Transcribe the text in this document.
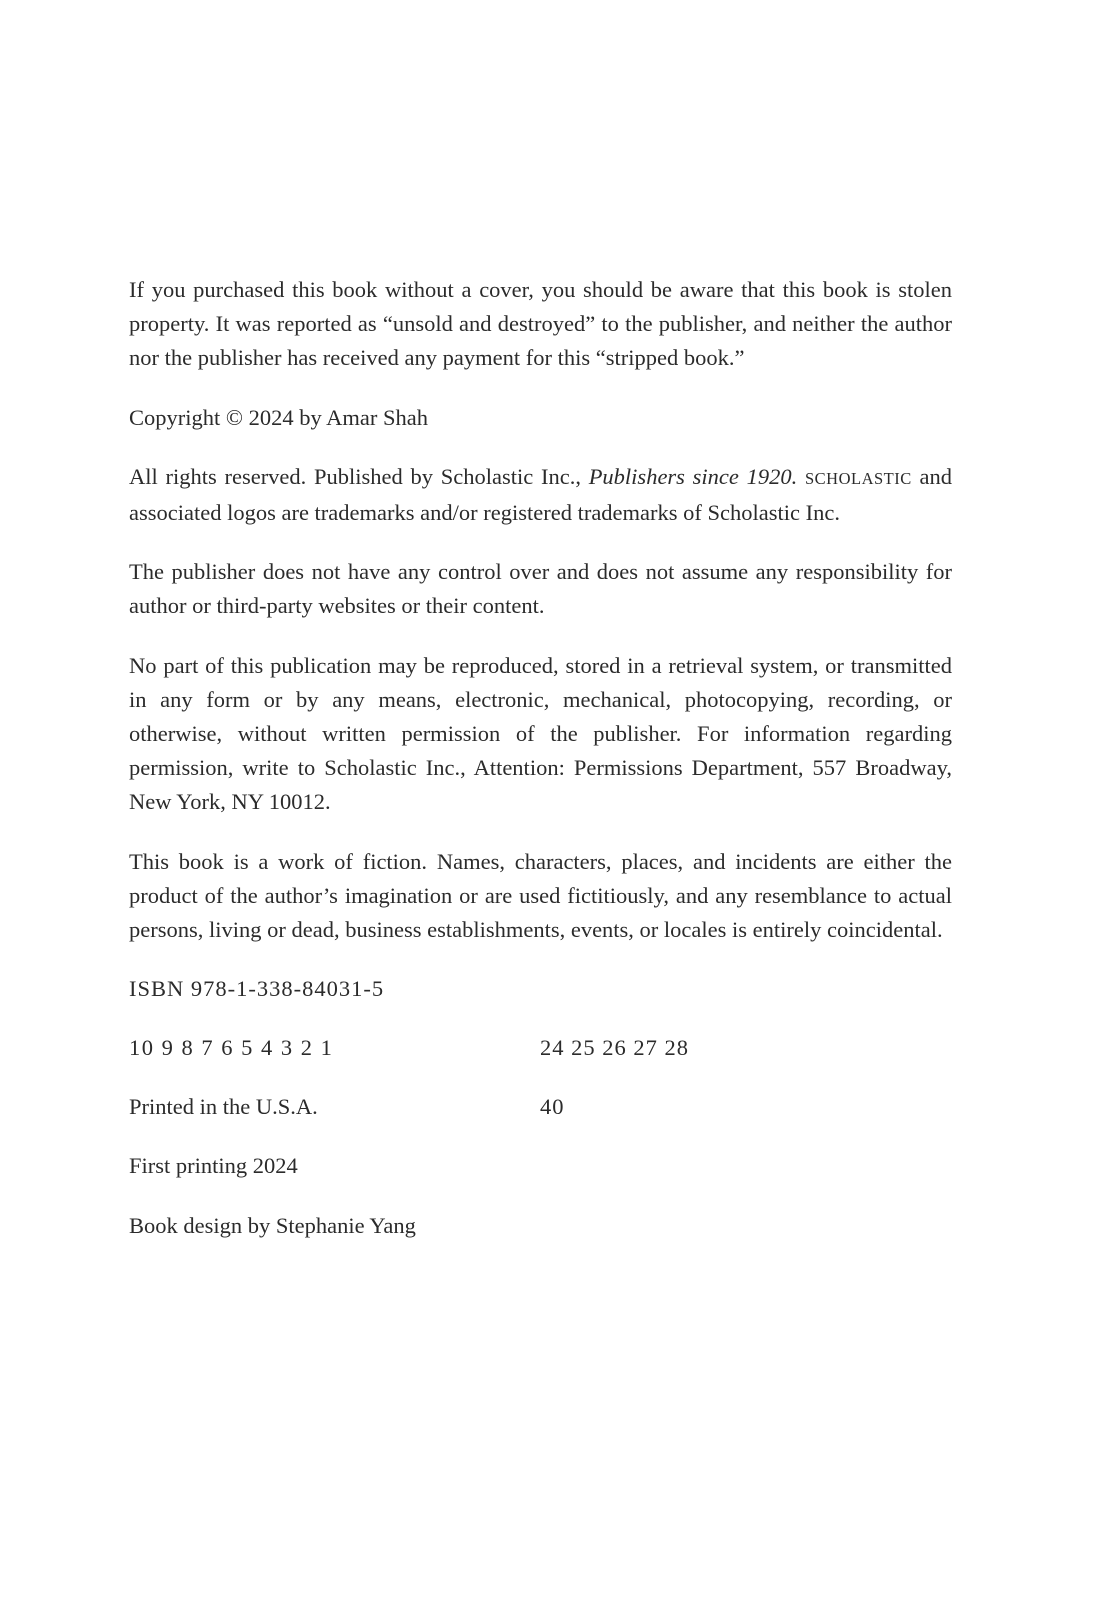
If you purchased this book without a cover, you should be aware that this book is stolen property. It was reported as “unsold and destroyed” to the publisher, and neither the author nor the publisher has received any payment for this “stripped book.”

Copyright © 2024 by Amar Shah

All rights reserved. Published by Scholastic Inc., Publishers since 1920. SCHOLASTIC and associated logos are trademarks and/or registered trademarks of Scholastic Inc.

The publisher does not have any control over and does not assume any responsibility for author or third-party websites or their content.

No part of this publication may be reproduced, stored in a retrieval system, or transmitted in any form or by any means, electronic, mechanical, photocopying, recording, or otherwise, without written permission of the publisher. For information regarding permission, write to Scholastic Inc., Attention: Permissions Department, 557 Broadway, New York, NY 10012.

This book is a work of fiction. Names, characters, places, and incidents are either the product of the author’s imagination or are used fictitiously, and any resemblance to actual persons, living or dead, business establishments, events, or locales is entirely coincidental.

ISBN 978-1-338-84031-5

10 9 8 7 6 5 4 3 2 1	24 25 26 27 28
Printed in the U.S.A.	40

First printing 2024

Book design by Stephanie Yang
